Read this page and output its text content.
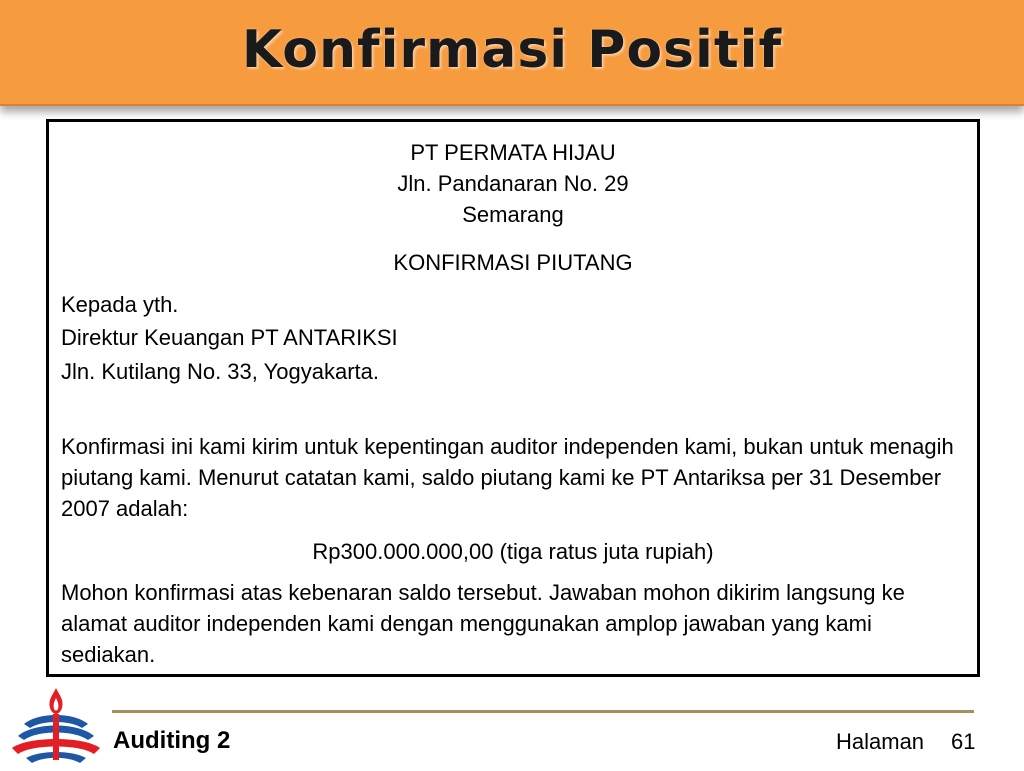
Konfirmasi Positif
PT PERMATA HIJAU
Jln. Pandanaran No. 29
Semarang
KONFIRMASI PIUTANG
Kepada yth.
Direktur Keuangan PT ANTARIKSI
Jln. Kutilang No. 33, Yogyakarta.
Konfirmasi ini kami kirim untuk kepentingan auditor independen kami, bukan untuk menagih piutang kami. Menurut catatan kami, saldo piutang kami ke PT Antariksa per 31 Desember 2007 adalah:
Rp300.000.000,00 (tiga ratus juta rupiah)
Mohon konfirmasi atas kebenaran saldo tersebut. Jawaban mohon dikirim langsung ke alamat auditor independen kami dengan menggunakan amplop jawaban yang kami sediakan.
Auditing 2	Halaman 61
